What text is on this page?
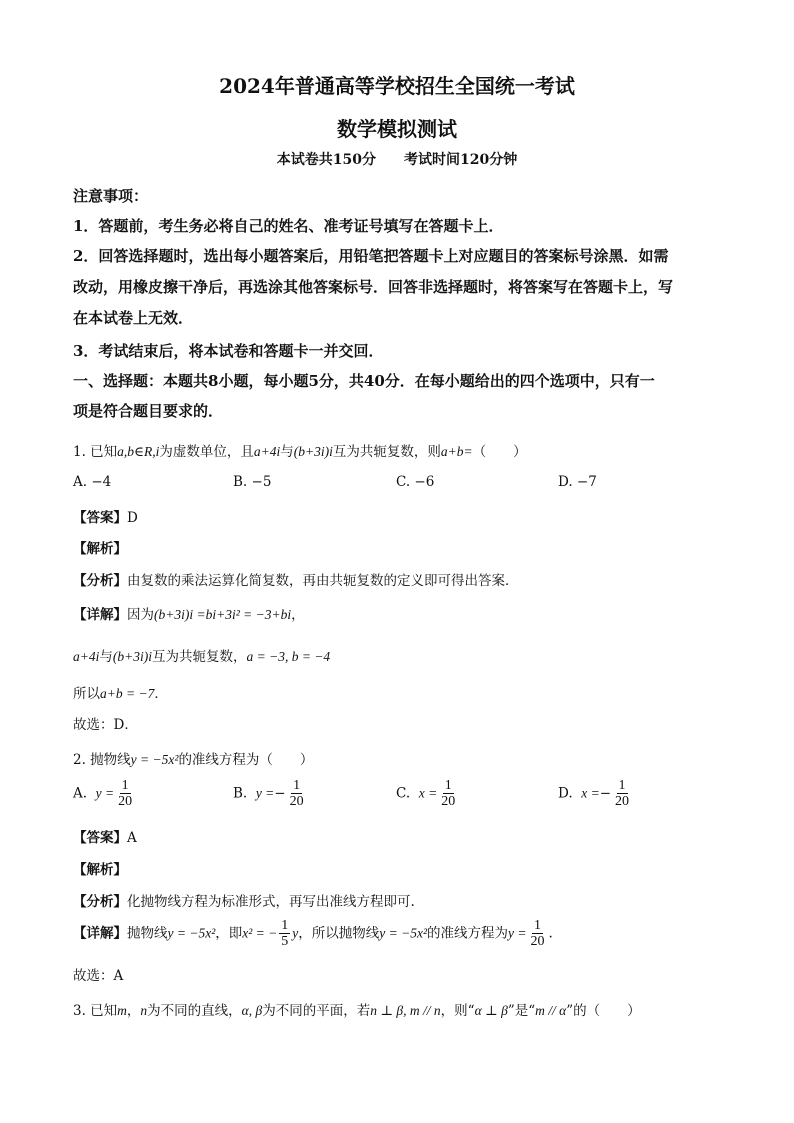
2024年普通高等学校招生全国统一考试
数学模拟测试
本试卷共150分　　考试时间120分钟
注意事项：
1．答题前，考生务必将自己的姓名、准考证号填写在答题卡上．
2．回答选择题时，选出每小题答案后，用铅笔把答题卡上对应题目的答案标号涂黑．如需
改动，用橡皮擦干净后，再选涂其他答案标号．回答非选择题时，将答案写在答题卡上，写
在本试卷上无效．
3．考试结束后，将本试卷和答题卡一并交回．
一、选择题：本题共8小题，每小题5分，共40分．在每小题给出的四个选项中，只有一
项是符合题目要求的．
1. 已知a,b∈R,i为虚数单位，且a+4i与(b+3i)i互为共轭复数，则a+b=（　　）
A. −4	B. −5	C. −6	D. −7
【答案】D
【解析】
【分析】由复数的乘法运算化简复数，再由共轭复数的定义即可得出答案．
【详解】因为(b+3i)i =bi+3i² = −3+bi，
a+4i与(b+3i)i互为共轭复数，a = −3, b = −4
所以a+b = −7．
故选：D．
2. 抛物线y = −5x²的准线方程为（　　）
A. $y = \frac{1}{20}$	B. $y =- \frac{1}{20}$	C. $x = \frac{1}{20}$	D. $x =- \frac{1}{20}$
【答案】A
【解析】
【分析】化抛物线方程为标准形式，再写出准线方程即可.
【详解】抛物线y = −5x²，即x² = − $\frac{1}{5}$ y，所以抛物线y = −5x²的准线方程为$y = \frac{1}{20}$ .
故选：A
3. 已知m，n为不同的直线，α, β为不同的平面，若n ⊥ β, m // n，则“α ⊥ β”是“m // α”的（　　）
